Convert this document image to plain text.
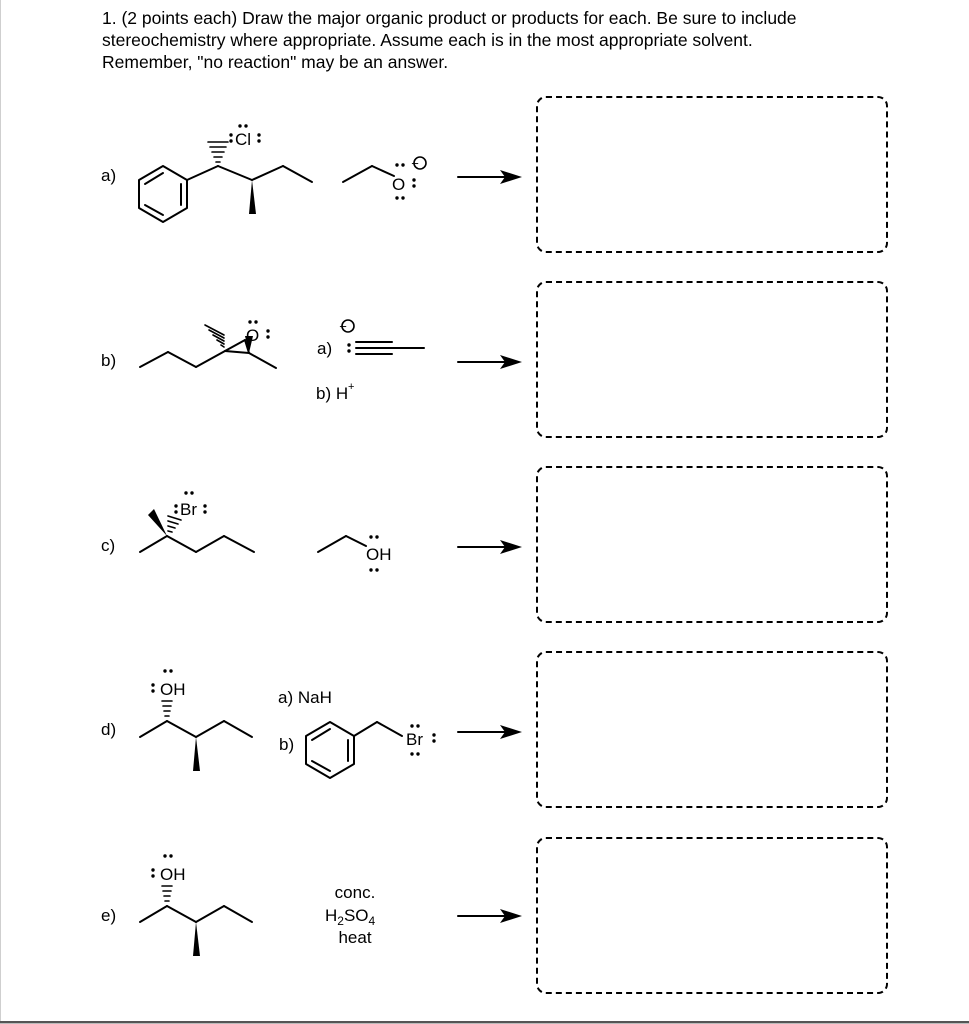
1. (2 points each) Draw the major organic product or products for each. Be sure to include
stereochemistry where appropriate. Assume each is in the most appropriate solvent.
Remember, "no reaction" may be an answer.
a)
b)
c)
d)
e)
Cl
O
−
O
a)
−
b) H +
Br
OH
OH	a) NaH
b)	Br
OH
conc.
$H_2SO_4$
heat
